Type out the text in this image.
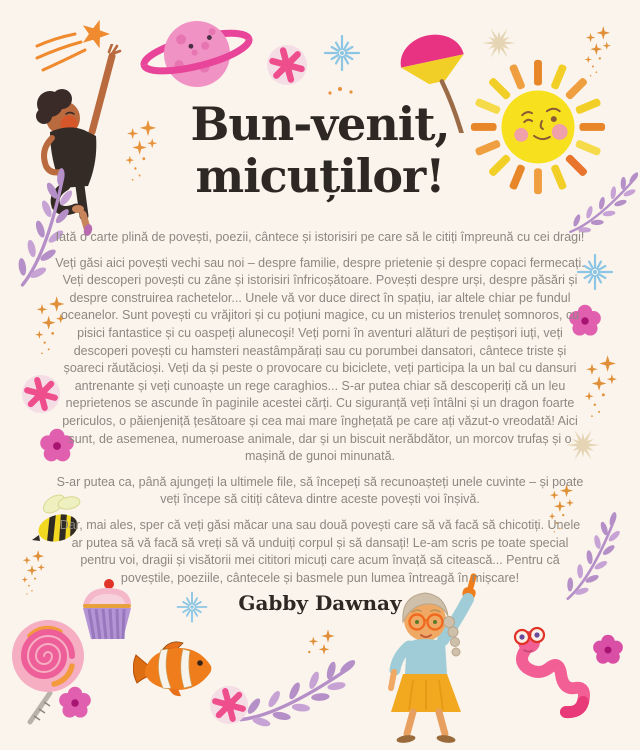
Bun-venit,
micuților!

Iată o carte plină de povești, poezii, cântece și istorisiri pe care să le citiți împreună cu cei dragi!

Veți găsi aici povești vechi sau noi – despre familie, despre prietenie și despre copaci fermecați. Veți descoperi povești cu zâne și istorisiri înfricoșătoare. Povești despre urși, despre păsări și despre construirea rachetelor... Unele vă vor duce direct în spațiu, iar altele chiar pe fundul oceanelor. Sunt povești cu vrăjitori și cu poțiuni magice, cu un misterios trenuleț somnoros, cu pisici fantastice și cu oaspeți alunecoși! Veți porni în aventuri alături de peștișori iuți, veți descoperi povești cu hamsteri neastâmpărați sau cu porumbei dansatori, cântece triste și șoareci răutăcioși. Veți da și peste o provocare cu biciclete, veți participa la un bal cu dansuri antrenante și veți cunoaște un rege caraghios... S-ar putea chiar să descoperiți că un leu neprietenos se ascunde în paginile acestei cărți. Cu siguranță veți întâlni și un dragon foarte periculos, o păienjeniță țesătoare și cea mai mare înghețată pe care ați văzut-o vreodată! Aici sunt, de asemenea, numeroase animale, dar și un biscuit nerăbdător, un morcov trufaș și o mașină de gunoi minunată.

S-ar putea ca, până ajungeți la ultimele file, să începeți să recunoașteți unele cuvinte – și poate veți începe să citiți câteva dintre aceste povești voi înșivă.

Dar, mai ales, sper că veți găsi măcar una sau două povești care să vă facă să chicotiți. Unele ar putea să vă facă să vreți să vă unduiți corpul și să dansați! Le-am scris pe toate special pentru voi, dragii și visătorii mei cititori micuți care acum învață să citească... Pentru că poveștile, poeziile, cântecele și basmele pun lumea întreagă în mișcare!

Gabby Dawnay
